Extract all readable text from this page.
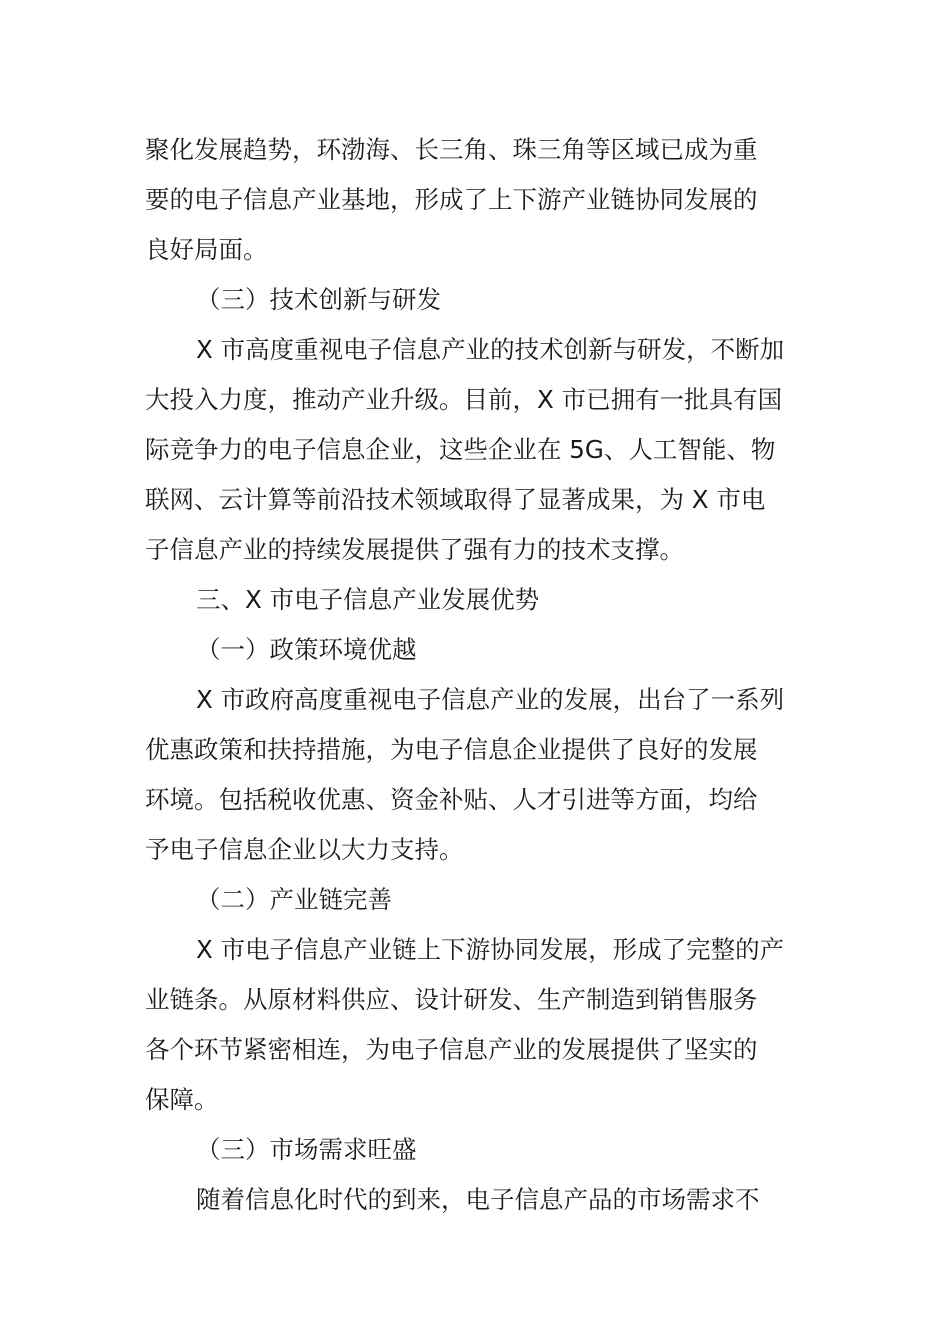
聚化发展趋势，环渤海、长三角、珠三角等区域已成为重
要的电子信息产业基地，形成了上下游产业链协同发展的
良好局面。
（三）技术创新与研发
X 市高度重视电子信息产业的技术创新与研发，不断加
大投入力度，推动产业升级。目前，X 市已拥有一批具有国
际竞争力的电子信息企业，这些企业在 5G、人工智能、物
联网、云计算等前沿技术领域取得了显著成果，为 X 市电
子信息产业的持续发展提供了强有力的技术支撑。
三、X 市电子信息产业发展优势
（一）政策环境优越
X 市政府高度重视电子信息产业的发展，出台了一系列
优惠政策和扶持措施，为电子信息企业提供了良好的发展
环境。包括税收优惠、资金补贴、人才引进等方面，均给
予电子信息企业以大力支持。
（二）产业链完善
X 市电子信息产业链上下游协同发展，形成了完整的产
业链条。从原材料供应、设计研发、生产制造到销售服务
各个环节紧密相连，为电子信息产业的发展提供了坚实的
保障。
（三）市场需求旺盛
随着信息化时代的到来，电子信息产品的市场需求不
